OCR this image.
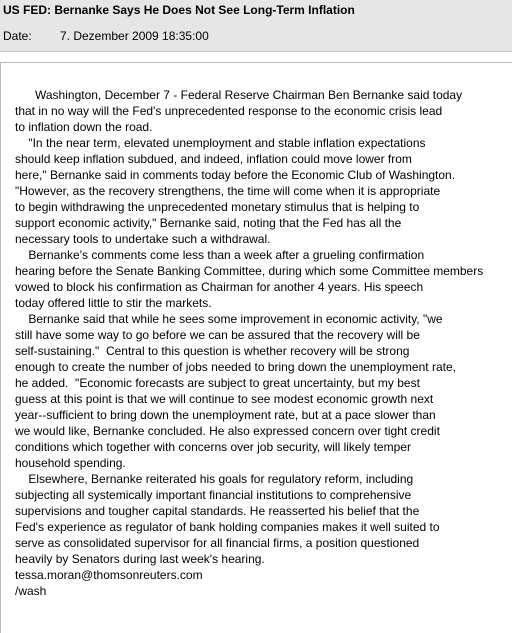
US FED: Bernanke Says He Does Not See Long-Term Inflation
Date: 7. Dezember 2009 18:35:00
Washington, December 7 - Federal Reserve Chairman Ben Bernanke said today
that in no way will the Fed's unprecedented response to the economic crisis lead
to inflation down the road.
"In the near term, elevated unemployment and stable inflation expectations
should keep inflation subdued, and indeed, inflation could move lower from
here," Bernanke said in comments today before the Economic Club of Washington.
"However, as the recovery strengthens, the time will come when it is appropriate
to begin withdrawing the unprecedented monetary stimulus that is helping to
support economic activity," Bernanke said, noting that the Fed has all the
necessary tools to undertake such a withdrawal.
Bernanke's comments come less than a week after a grueling confirmation
hearing before the Senate Banking Committee, during which some Committee members
vowed to block his confirmation as Chairman for another 4 years. His speech
today offered little to stir the markets.
Bernanke said that while he sees some improvement in economic activity, "we
still have some way to go before we can be assured that the recovery will be
self-sustaining."  Central to this question is whether recovery will be strong
enough to create the number of jobs needed to bring down the unemployment rate,
he added.  "Economic forecasts are subject to great uncertainty, but my best
guess at this point is that we will continue to see modest economic growth next
year--sufficient to bring down the unemployment rate, but at a pace slower than
we would like, Bernanke concluded. He also expressed concern over tight credit
conditions which together with concerns over job security, will likely temper
household spending.
Elsewhere, Bernanke reiterated his goals for regulatory reform, including
subjecting all systemically important financial institutions to comprehensive
supervisions and tougher capital standards. He reasserted his belief that the
Fed's experience as regulator of bank holding companies makes it well suited to
serve as consolidated supervisor for all financial firms, a position questioned
heavily by Senators during last week's hearing.
tessa.moran@thomsonreuters.com
/wash
